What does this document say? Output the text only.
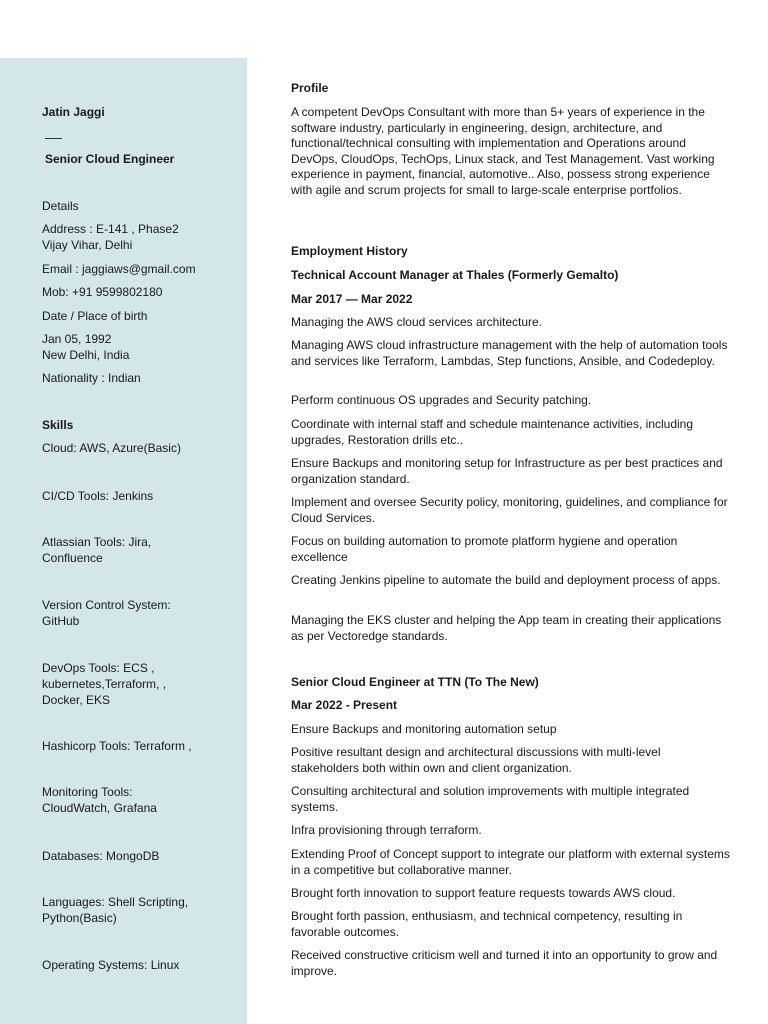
Jatin Jaggi
Senior Cloud Engineer
Details
Address : E-141 , Phase2
Vijay Vihar, Delhi
Email : jaggiaws@gmail.com
Mob: +91 9599802180
Date / Place of birth
Jan 05, 1992
New Delhi, India
Nationality : Indian
Skills
Cloud: AWS, Azure(Basic)
CI/CD Tools: Jenkins
Atlassian Tools: Jira,
Confluence
Version Control System:
GitHub
DevOps Tools: ECS ,
kubernetes,Terraform, ,
Docker, EKS
Hashicorp Tools: Terraform ,
Monitoring Tools:
CloudWatch, Grafana
Databases: MongoDB
Languages: Shell Scripting,
Python(Basic)
Operating Systems: Linux
Profile
A competent DevOps Consultant with more than 5+ years of experience in the software industry, particularly in engineering, design, architecture, and functional/technical consulting with implementation and Operations around DevOps, CloudOps, TechOps, Linux stack, and Test Management. Vast working experience in payment, financial, automotive.. Also, possess strong experience with agile and scrum projects for small to large-scale enterprise portfolios.
Employment History
Technical Account Manager at Thales (Formerly Gemalto)
Mar 2017 — Mar 2022
Managing the AWS cloud services architecture.
Managing AWS cloud infrastructure management with the help of automation tools and services like Terraform, Lambdas, Step functions, Ansible, and Codedeploy.
Perform continuous OS upgrades and Security patching.
Coordinate with internal staff and schedule maintenance activities, including upgrades, Restoration drills etc..
Ensure Backups and monitoring setup for Infrastructure as per best practices and organization standard.
Implement and oversee Security policy, monitoring, guidelines, and compliance for Cloud Services.
Focus on building automation to promote platform hygiene and operation excellence
Creating Jenkins pipeline to automate the build and deployment process of apps.
Managing the EKS cluster and helping the App team in creating their applications as per Vectoredge standards.
Senior Cloud Engineer at TTN (To The New)
Mar 2022 - Present
Ensure Backups and monitoring automation setup
Positive resultant design and architectural discussions with multi-level stakeholders both within own and client organization.
Consulting architectural and solution improvements with multiple integrated systems.
Infra provisioning through terraform.
Extending Proof of Concept support to integrate our platform with external systems in a competitive but collaborative manner.
Brought forth innovation to support feature requests towards AWS cloud.
Brought forth passion, enthusiasm, and technical competency, resulting in favorable outcomes.
Received constructive criticism well and turned it into an opportunity to grow and improve.
